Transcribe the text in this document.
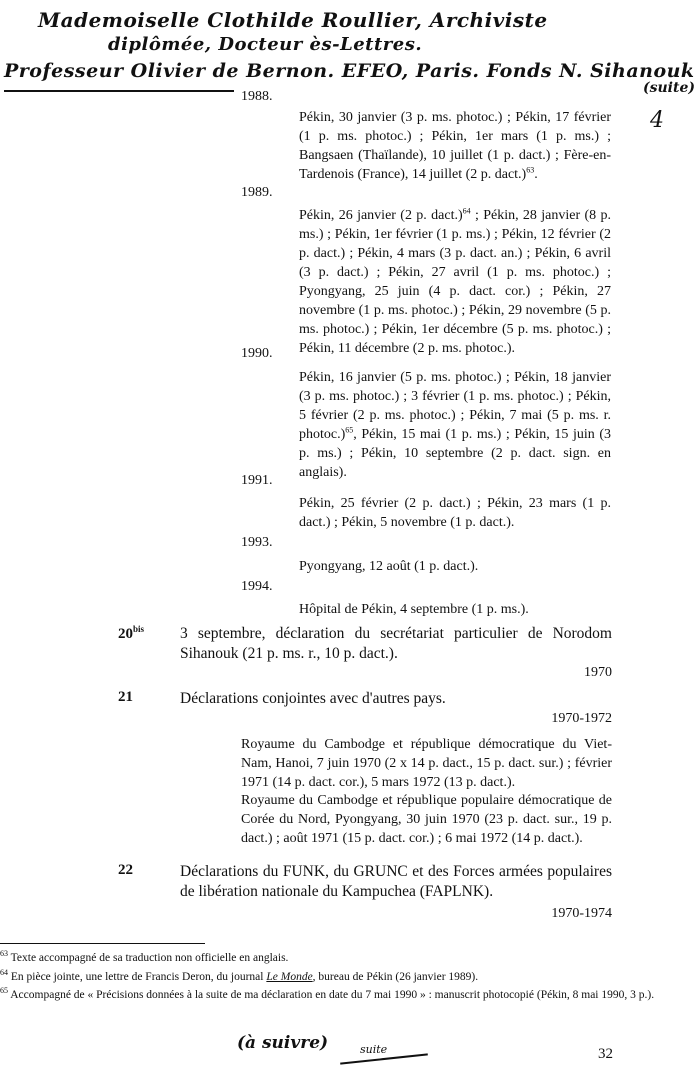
Mademoiselle Clothilde Roullier, Archiviste
diplômée, Docteur ès-Lettres.
Professeur Olivier de Bernon. EFEO, Paris. Fonds N. Sihanouk
(suite)
4
1988.

Pékin, 30 janvier (3 p. ms. photoc.) ; Pékin, 17 février (1 p. ms. photoc.) ; Pékin, 1er mars (1 p. ms.) ; Bangsaen (Thaïlande), 10 juillet (1 p. dact.) ; Fère-en-Tardenois (France), 14 juillet (2 p. dact.)$^{63}$.

1989.

Pékin, 26 janvier (2 p. dact.)$^{64}$ ; Pékin, 28 janvier (8 p. ms.) ; Pékin, 1er février (1 p. ms.) ; Pékin, 12 février (2 p. dact.) ; Pékin, 4 mars (3 p. dact. an.) ; Pékin, 6 avril (3 p. dact.) ; Pékin, 27 avril (1 p. ms. photoc.) ; Pyongyang, 25 juin (4 p. dact. cor.) ; Pékin, 27 novembre (1 p. ms. photoc.) ; Pékin, 29 novembre (5 p. ms. photoc.) ; Pékin, 1er décembre (5 p. ms. photoc.) ; Pékin, 11 décembre (2 p. ms. photoc.).

1990.

Pékin, 16 janvier (5 p. ms. photoc.) ; Pékin, 18 janvier (3 p. ms. photoc.) ; 3 février (1 p. ms. photoc.) ; Pékin, 5 février (2 p. ms. photoc.) ; Pékin, 7 mai (5 p. ms. r. photoc.)$^{65}$, Pékin, 15 mai (1 p. ms.) ; Pékin, 15 juin (3 p. ms.) ; Pékin, 10 septembre (2 p. dact. sign. en anglais).

1991.

Pékin, 25 février (2 p. dact.) ; Pékin, 23 mars (1 p. dact.) ; Pékin, 5 novembre (1 p. dact.).

1993.

Pyongyang, 12 août (1 p. dact.).

1994.

Hôpital de Pékin, 4 septembre (1 p. ms.).

$20^{bis}$ 3 septembre, déclaration du secrétariat particulier de Norodom Sihanouk (21 p. ms. r., 10 p. dact.).

1970
21	Déclarations conjointes avec d'autres pays.

1970-1972

Royaume du Cambodge et république démocratique du Viet-Nam, Hanoi, 7 juin 1970 (2 x 14 p. dact., 15 p. dact. sur.) ; février 1971 (14 p. dact. cor.), 5 mars 1972 (13 p. dact.).

Royaume du Cambodge et république populaire démocratique de Corée du Nord, Pyongyang, 30 juin 1970 (23 p. dact. sur., 19 p. dact.) ; août 1971 (15 p. dact. cor.) ; 6 mai 1972 (14 p. dact.).

22	Déclarations du FUNK, du GRUNC et des Forces armées populaires de libération nationale du Kampuchea (FAPLNK).

1970-1974

$^{63}$ Texte accompagné de sa traduction non officielle en anglais.

$^{64}$ En pièce jointe, une lettre de Francis Deron, du journal Le Monde, bureau de Pékin (26 janvier 1989).

$^{65}$ Accompagné de « Précisions données à la suite de ma déclaration en date du 7 mai 1990 » : manuscrit photocopié (Pékin, 8 mai 1990, 3 p.).

(à suivre)	suite	32
